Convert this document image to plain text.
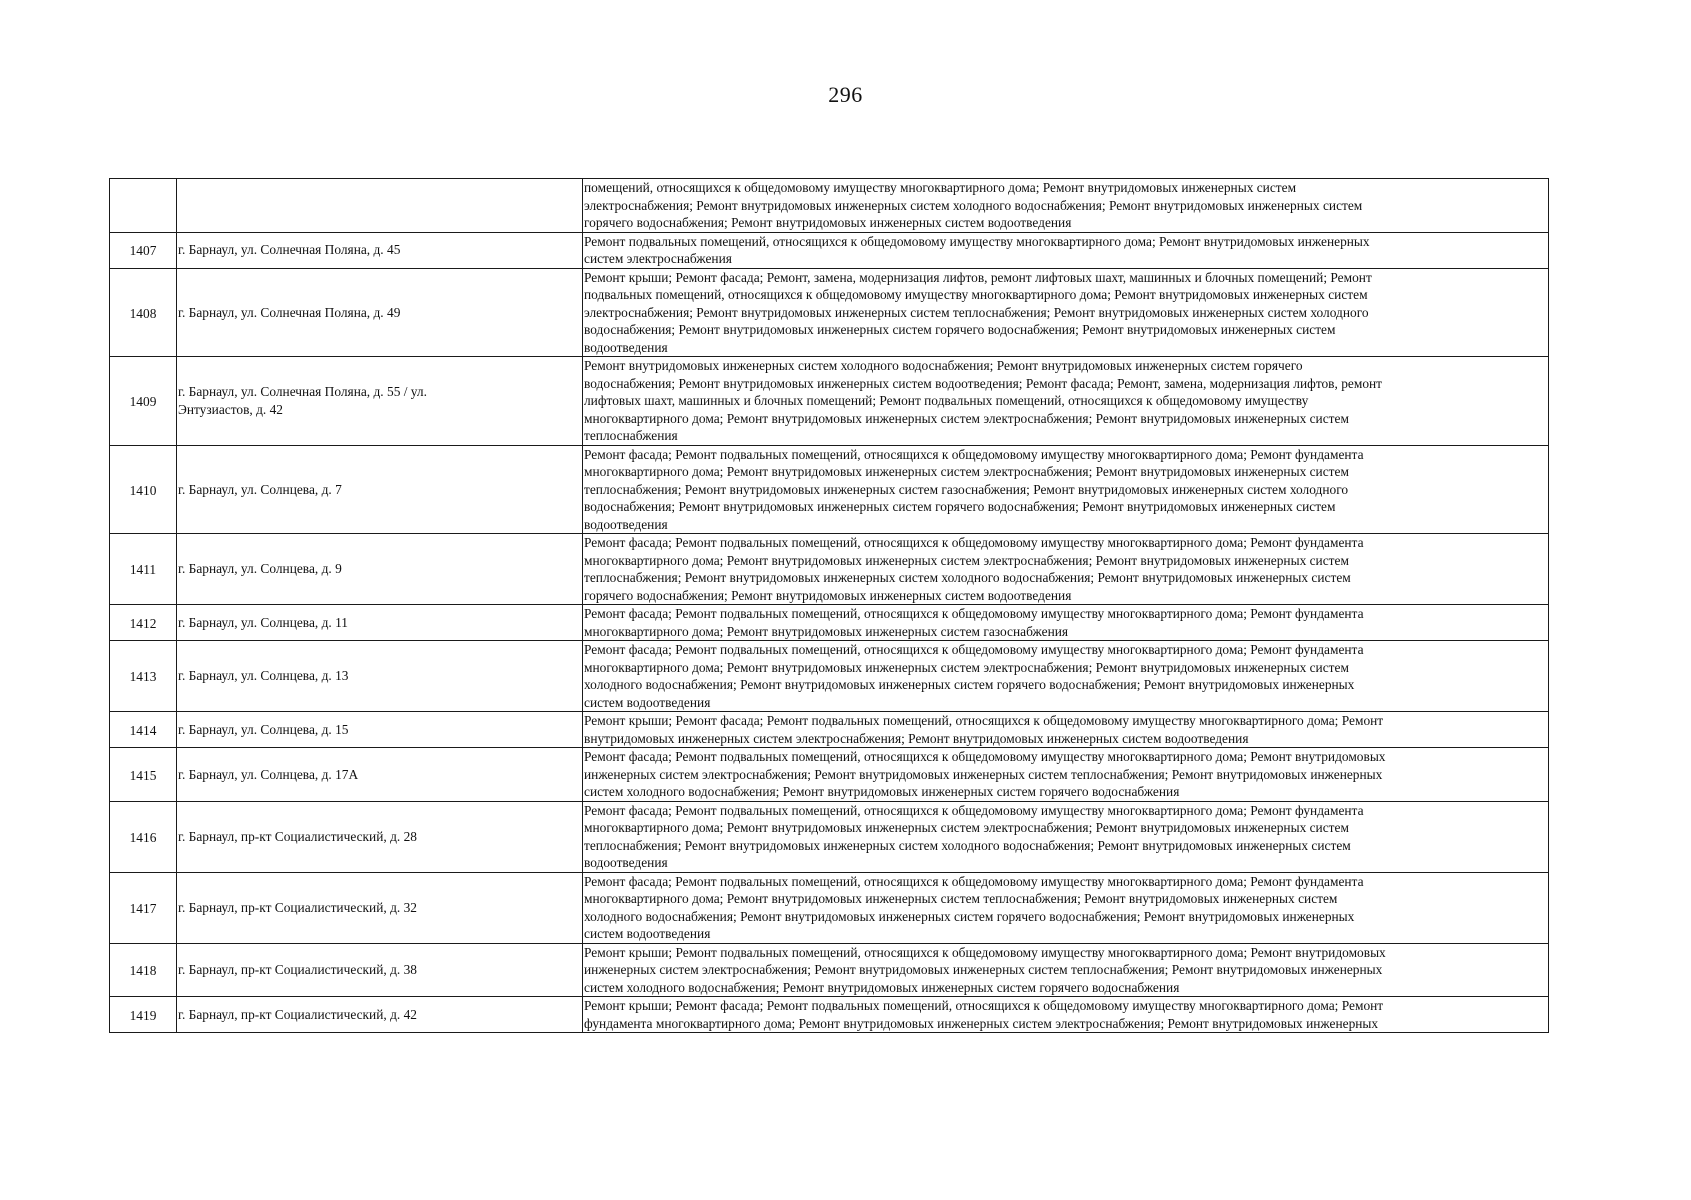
296

		помещений, относящихся к общедомовому имуществу многоквартирного дома; Ремонт внутридомовых инженерных систем
электроснабжения; Ремонт внутридомовых инженерных систем холодного водоснабжения; Ремонт внутридомовых инженерных систем
горячего водоснабжения; Ремонт внутридомовых инженерных систем водоотведения

1407	г. Барнаул, ул. Солнечная Поляна, д. 45	Ремонт подвальных помещений, относящихся к общедомовому имуществу многоквартирного дома; Ремонт внутридомовых инженерных
систем электроснабжения

1408	г. Барнаул, ул. Солнечная Поляна, д. 49	Ремонт крыши; Ремонт фасада; Ремонт, замена, модернизация лифтов, ремонт лифтовых шахт, машинных и блочных помещений; Ремонт
подвальных помещений, относящихся к общедомовому имуществу многоквартирного дома; Ремонт внутридомовых инженерных систем
электроснабжения; Ремонт внутридомовых инженерных систем теплоснабжения; Ремонт внутридомовых инженерных систем холодного
водоснабжения; Ремонт внутридомовых инженерных систем горячего водоснабжения; Ремонт внутридомовых инженерных систем
водоотведения

1409	г. Барнаул, ул. Солнечная Поляна, д. 55 / ул.
Энтузиастов, д. 42	Ремонт внутридомовых инженерных систем холодного водоснабжения; Ремонт внутридомовых инженерных систем горячего
водоснабжения; Ремонт внутридомовых инженерных систем водоотведения; Ремонт фасада; Ремонт, замена, модернизация лифтов, ремонт
лифтовых шахт, машинных и блочных помещений; Ремонт подвальных помещений, относящихся к общедомовому имуществу
многоквартирного дома; Ремонт внутридомовых инженерных систем электроснабжения; Ремонт внутридомовых инженерных систем
теплоснабжения

1410	г. Барнаул, ул. Солнцева, д. 7	Ремонт фасада; Ремонт подвальных помещений, относящихся к общедомовому имуществу многоквартирного дома; Ремонт фундамента
многоквартирного дома; Ремонт внутридомовых инженерных систем электроснабжения; Ремонт внутридомовых инженерных систем
теплоснабжения; Ремонт внутридомовых инженерных систем газоснабжения; Ремонт внутридомовых инженерных систем холодного
водоснабжения; Ремонт внутридомовых инженерных систем горячего водоснабжения; Ремонт внутридомовых инженерных систем
водоотведения

1411	г. Барнаул, ул. Солнцева, д. 9	Ремонт фасада; Ремонт подвальных помещений, относящихся к общедомовому имуществу многоквартирного дома; Ремонт фундамента
многоквартирного дома; Ремонт внутридомовых инженерных систем электроснабжения; Ремонт внутридомовых инженерных систем
теплоснабжения; Ремонт внутридомовых инженерных систем холодного водоснабжения; Ремонт внутридомовых инженерных систем
горячего водоснабжения; Ремонт внутридомовых инженерных систем водоотведения

1412	г. Барнаул, ул. Солнцева, д. 11	Ремонт фасада; Ремонт подвальных помещений, относящихся к общедомовому имуществу многоквартирного дома; Ремонт фундамента
многоквартирного дома; Ремонт внутридомовых инженерных систем газоснабжения

1413	г. Барнаул, ул. Солнцева, д. 13	Ремонт фасада; Ремонт подвальных помещений, относящихся к общедомовому имуществу многоквартирного дома; Ремонт фундамента
многоквартирного дома; Ремонт внутридомовых инженерных систем электроснабжения; Ремонт внутридомовых инженерных систем
холодного водоснабжения; Ремонт внутридомовых инженерных систем горячего водоснабжения; Ремонт внутридомовых инженерных
систем водоотведения

1414	г. Барнаул, ул. Солнцева, д. 15	Ремонт крыши; Ремонт фасада; Ремонт подвальных помещений, относящихся к общедомовому имуществу многоквартирного дома; Ремонт
внутридомовых инженерных систем электроснабжения; Ремонт внутридомовых инженерных систем водоотведения

1415	г. Барнаул, ул. Солнцева, д. 17А	Ремонт фасада; Ремонт подвальных помещений, относящихся к общедомовому имуществу многоквартирного дома; Ремонт внутридомовых
инженерных систем электроснабжения; Ремонт внутридомовых инженерных систем теплоснабжения; Ремонт внутридомовых инженерных
систем холодного водоснабжения; Ремонт внутридомовых инженерных систем горячего водоснабжения

1416	г. Барнаул, пр-кт Социалистический, д. 28	Ремонт фасада; Ремонт подвальных помещений, относящихся к общедомовому имуществу многоквартирного дома; Ремонт фундамента
многоквартирного дома; Ремонт внутридомовых инженерных систем электроснабжения; Ремонт внутридомовых инженерных систем
теплоснабжения; Ремонт внутридомовых инженерных систем холодного водоснабжения; Ремонт внутридомовых инженерных систем
водоотведения

1417	г. Барнаул, пр-кт Социалистический, д. 32	Ремонт фасада; Ремонт подвальных помещений, относящихся к общедомовому имуществу многоквартирного дома; Ремонт фундамента
многоквартирного дома; Ремонт внутридомовых инженерных систем теплоснабжения; Ремонт внутридомовых инженерных систем
холодного водоснабжения; Ремонт внутридомовых инженерных систем горячего водоснабжения; Ремонт внутридомовых инженерных
систем водоотведения

1418	г. Барнаул, пр-кт Социалистический, д. 38	Ремонт крыши; Ремонт подвальных помещений, относящихся к общедомовому имуществу многоквартирного дома; Ремонт внутридомовых
инженерных систем электроснабжения; Ремонт внутридомовых инженерных систем теплоснабжения; Ремонт внутридомовых инженерных
систем холодного водоснабжения; Ремонт внутридомовых инженерных систем горячего водоснабжения

1419	г. Барнаул, пр-кт Социалистический, д. 42	Ремонт крыши; Ремонт фасада; Ремонт подвальных помещений, относящихся к общедомовому имуществу многоквартирного дома; Ремонт
фундамента многоквартирного дома; Ремонт внутридомовых инженерных систем электроснабжения; Ремонт внутридомовых инженерных
